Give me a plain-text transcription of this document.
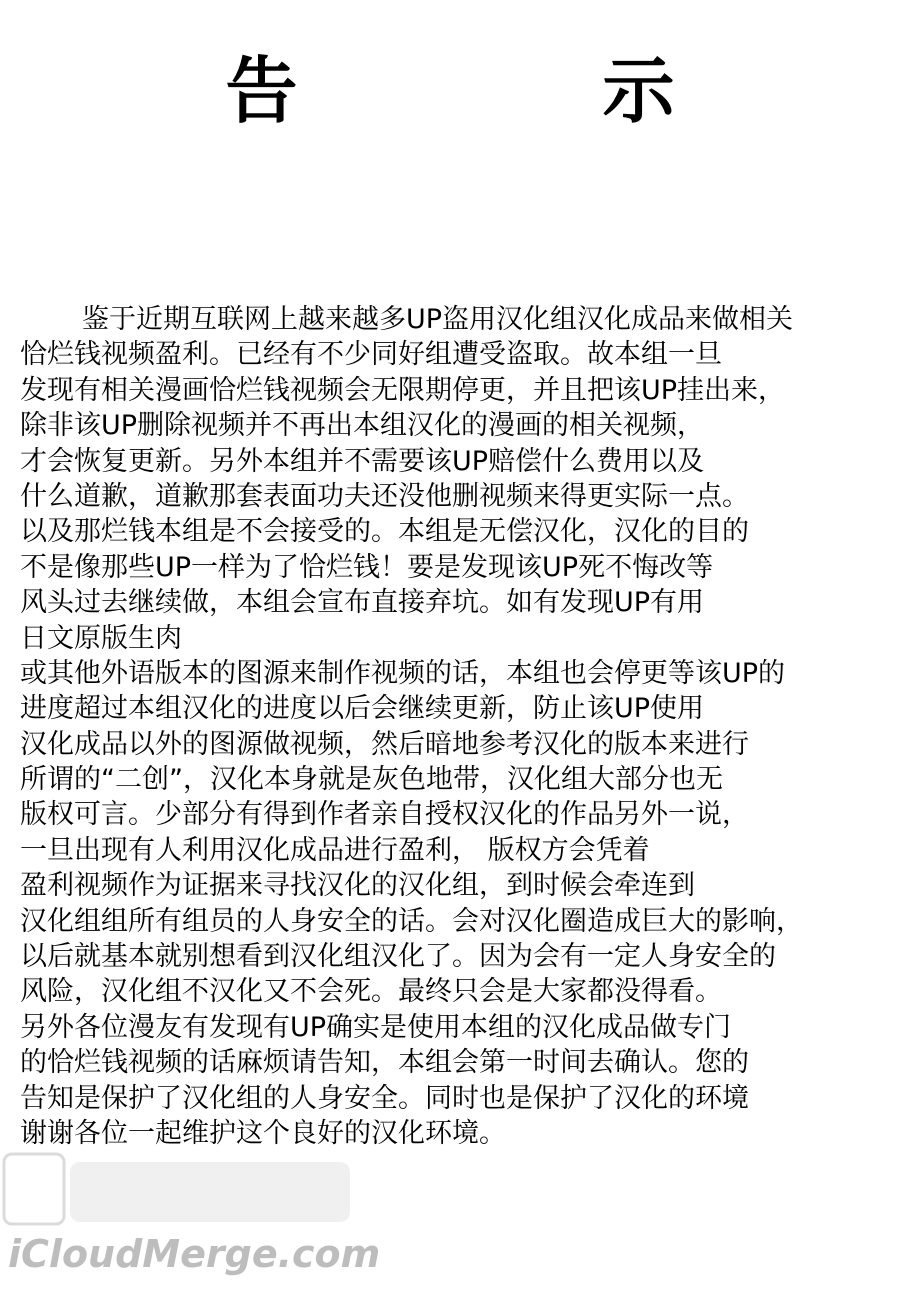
告 示
鉴于近期互联网上越来越多UP盗用汉化组汉化成品来做相关
恰烂钱视频盈利。已经有不少同好组遭受盗取。故本组一旦
发现有相关漫画恰烂钱视频会无限期停更，并且把该UP挂出来，
除非该UP删除视频并不再出本组汉化的漫画的相关视频，
才会恢复更新。另外本组并不需要该UP赔偿什么费用以及
什么道歉，道歉那套表面功夫还没他删视频来得更实际一点。
以及那烂钱本组是不会接受的。本组是无偿汉化，汉化的目的
不是像那些UP一样为了恰烂钱！要是发现该UP死不悔改等
风头过去继续做，本组会宣布直接弃坑。如有发现UP有用
日文原版生肉
或其他外语版本的图源来制作视频的话，本组也会停更等该UP的
进度超过本组汉化的进度以后会继续更新，防止该UP使用
汉化成品以外的图源做视频，然后暗地参考汉化的版本来进行
所谓的“二创”，汉化本身就是灰色地带，汉化组大部分也无
版权可言。少部分有得到作者亲自授权汉化的作品另外一说，
一旦出现有人利用汉化成品进行盈利， 版权方会凭着
盈利视频作为证据来寻找汉化的汉化组，到时候会牵连到
汉化组组所有组员的人身安全的话。会对汉化圈造成巨大的影响，
以后就基本就别想看到汉化组汉化了。因为会有一定人身安全的
风险，汉化组不汉化又不会死。最终只会是大家都没得看。
另外各位漫友有发现有UP确实是使用本组的汉化成品做专门
的恰烂钱视频的话麻烦请告知，本组会第一时间去确认。您的
告知是保护了汉化组的人身安全。同时也是保护了汉化的环境
谢谢各位一起维护这个良好的汉化环境。
iCloudMerge.com
